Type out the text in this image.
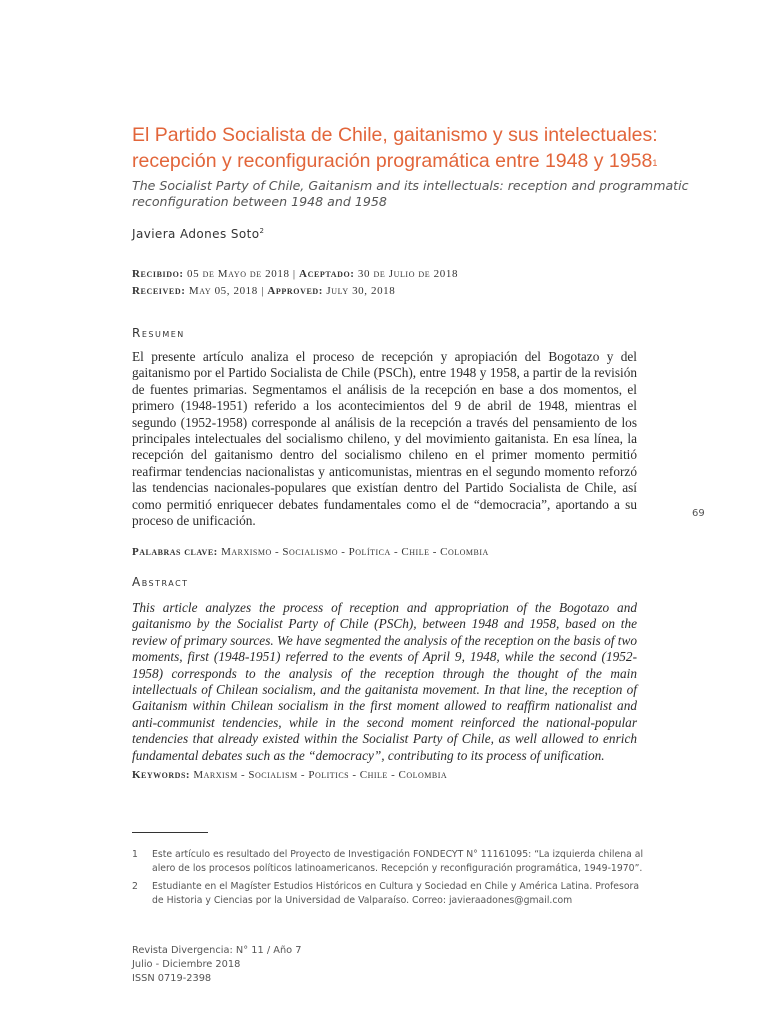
El Partido Socialista de Chile, gaitanismo y sus intelectuales: recepción y reconfiguración programática entre 1948 y 1958$^1$
The Socialist Party of Chile, Gaitanism and its intellectuals: reception and programmatic reconfiguration between 1948 and 1958
Javiera Adones Soto$^2$
Recibido: 05 de Mayo de 2018 | Aceptado: 30 de Julio de 2018
Received: May 05, 2018 | Approved: July 30, 2018
Resumen
El presente artículo analiza el proceso de recepción y apropiación del Bogotazo y del gaitanismo por el Partido Socialista de Chile (PSCh), entre 1948 y 1958, a partir de la revisión de fuentes primarias. Segmentamos el análisis de la recepción en base a dos momentos, el primero (1948-1951) referido a los acontecimientos del 9 de abril de 1948, mientras el segundo (1952-1958) corresponde al análisis de la recepción a través del pensamiento de los principales intelectuales del socialismo chileno, y del movimiento gaitanista. En esa línea, la recepción del gaitanismo dentro del socialismo chileno en el primer momento permitió reafirmar tendencias nacionalistas y anticomunistas, mientras en el segundo momento reforzó las tendencias nacionales-populares que existían dentro del Partido Socialista de Chile, así como permitió enriquecer debates fundamentales como el de “democracia”, aportando a su proceso de unificación.
Palabras clave: Marxismo - Socialismo - Política - Chile - Colombia
69
Abstract
This article analyzes the process of reception and appropriation of the Bogotazo and gaitanismo by the Socialist Party of Chile (PSCh), between 1948 and 1958, based on the review of primary sources. We have segmented the analysis of the reception on the basis of two moments, first (1948-1951) referred to the events of April 9, 1948, while the second (1952-1958) corresponds to the analysis of the reception through the thought of the main intellectuals of Chilean socialism, and the gaitanista movement. In that line, the reception of Gaitanism within Chilean socialism in the first moment allowed to reaffirm nationalist and anti-communist tendencies, while in the second moment reinforced the national-popular tendencies that already existed within the Socialist Party of Chile, as well allowed to enrich fundamental debates such as the “democracy”, contributing to its process of unification.
Keywords: Marxism - Socialism - Politics - Chile - Colombia
1	Este artículo es resultado del Proyecto de Investigación FONDECYT N° 11161095: “La izquierda chilena al alero de los procesos políticos latinoamericanos. Recepción y reconfiguración programática, 1949-1970”.
2	Estudiante en el Magíster Estudios Históricos en Cultura y Sociedad en Chile y América Latina. Profesora de Historia y Ciencias por la Universidad de Valparaíso. Correo: javieraadones@gmail.com
Revista Divergencia: N° 11 / Año 7
Julio - Diciembre 2018
ISSN 0719-2398
